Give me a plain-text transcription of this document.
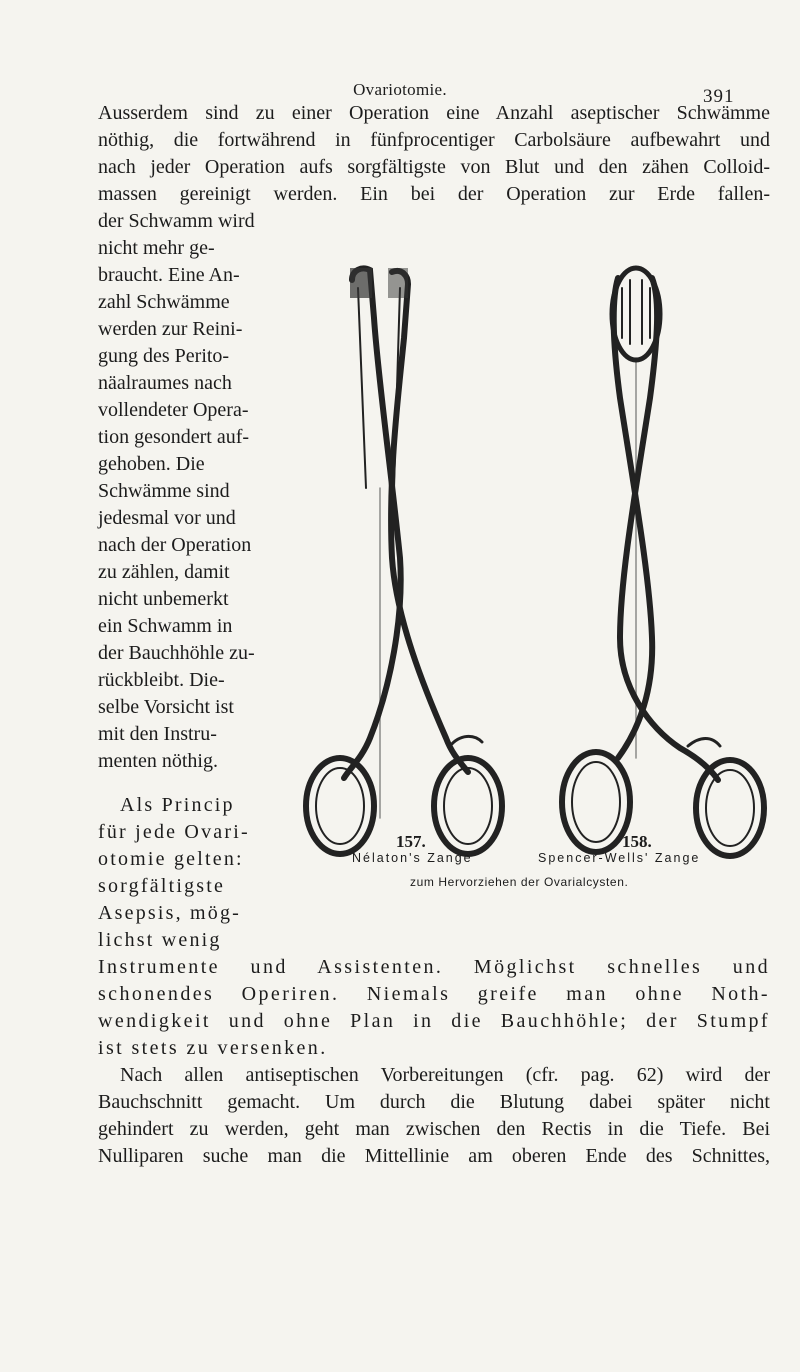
Ovariotomie.	391
Ausserdem sind zu einer Operation eine Anzahl aseptischer Schwämme
nöthig, die fortwährend in fünfprocentiger Carbolsäure aufbewahrt und
nach jeder Operation aufs sorgfältigste von Blut und den zähen Colloid-
massen gereinigt werden. Ein bei der Operation zur Erde fallen-
der Schwamm wird
nicht mehr ge-
braucht. Eine An-
zahl Schwämme
werden zur Reini-
gung des Perito-
näalraumes nach
vollendeter Opera-
tion gesondert auf-
gehoben. Die
Schwämme sind
jedesmal vor und
nach der Operation
zu zählen, damit
nicht unbemerkt
ein Schwamm in
der Bauchhöhle zu-
rückbleibt. Die-
selbe Vorsicht ist
mit den Instru-
menten nöthig.
Als Princip
für jede Ovari-
otomie gelten:
sorgfältigste
Asepsis, mög-
lichst wenig
157.	158.
Nélaton's Zange	Spencer-Wells' Zange
zum Hervorziehen der Ovarialcysten.
Instrumente und Assistenten. Möglichst schnelles und
schonendes Operiren. Niemals greife man ohne Noth-
wendigkeit und ohne Plan in die Bauchhöhle; der Stumpf
ist stets zu versenken.
Nach allen antiseptischen Vorbereitungen (cfr. pag. 62) wird der
Bauchschnitt gemacht. Um durch die Blutung dabei später nicht
gehindert zu werden, geht man zwischen den Rectis in die Tiefe. Bei
Nulliparen suche man die Mittellinie am oberen Ende des Schnittes,
